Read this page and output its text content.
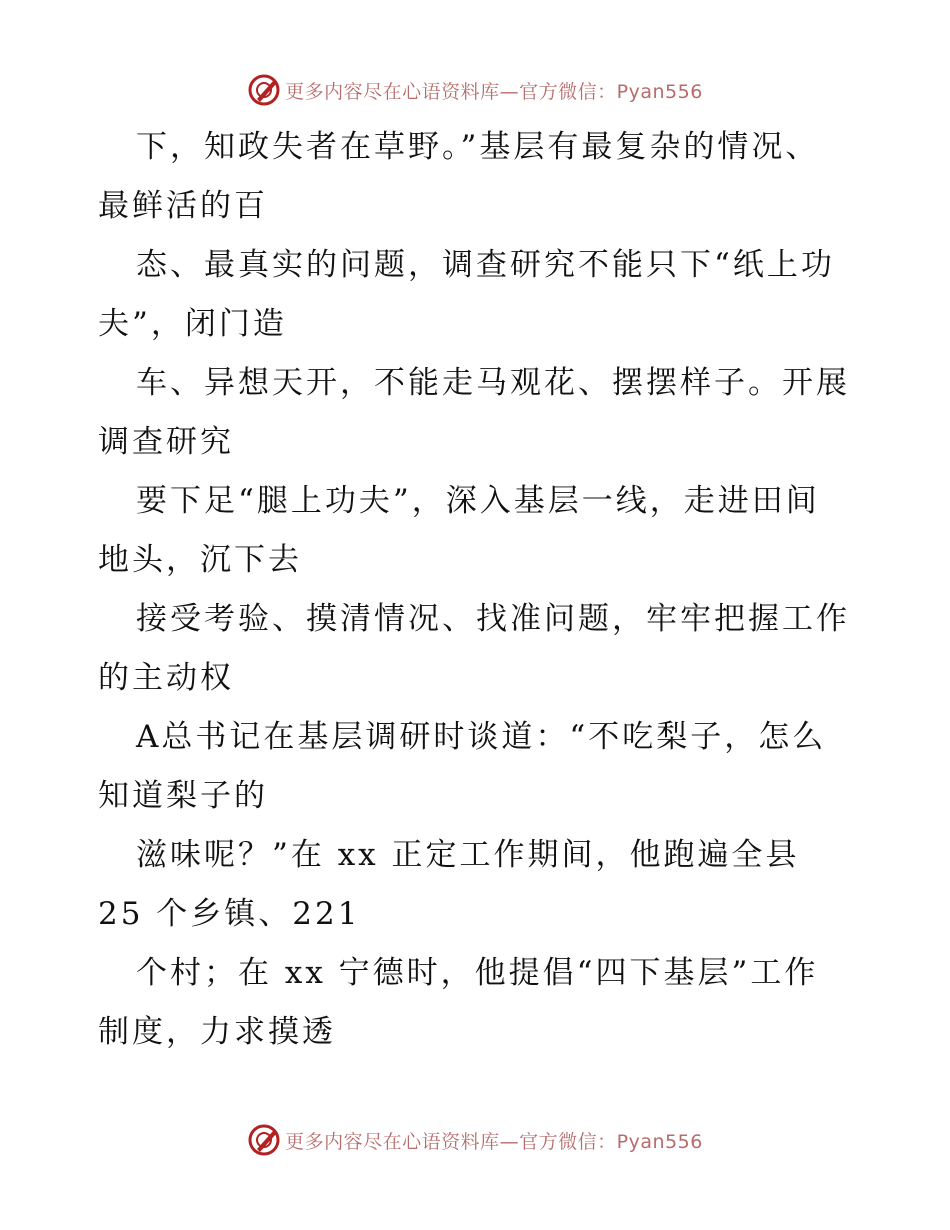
更多内容尽在心语资料库—官方微信：Pyan556
下，知政失者在草野。”基层有最复杂的情况、
最鲜活的百
态、最真实的问题，调查研究不能只下“纸上功
夫”，闭门造
车、异想天开，不能走马观花、摆摆样子。开展
调查研究
要下足“腿上功夫”，深入基层一线，走进田间
地头，沉下去
接受考验、摸清情况、找准问题，牢牢把握工作
的主动权
A总书记在基层调研时谈道：“不吃梨子，怎么
知道梨子的
滋味呢？”在 xx 正定工作期间，他跑遍全县
25 个乡镇、221
个村；在 xx 宁德时，他提倡“四下基层”工作
制度，力求摸透
更多内容尽在心语资料库—官方微信：Pyan556
